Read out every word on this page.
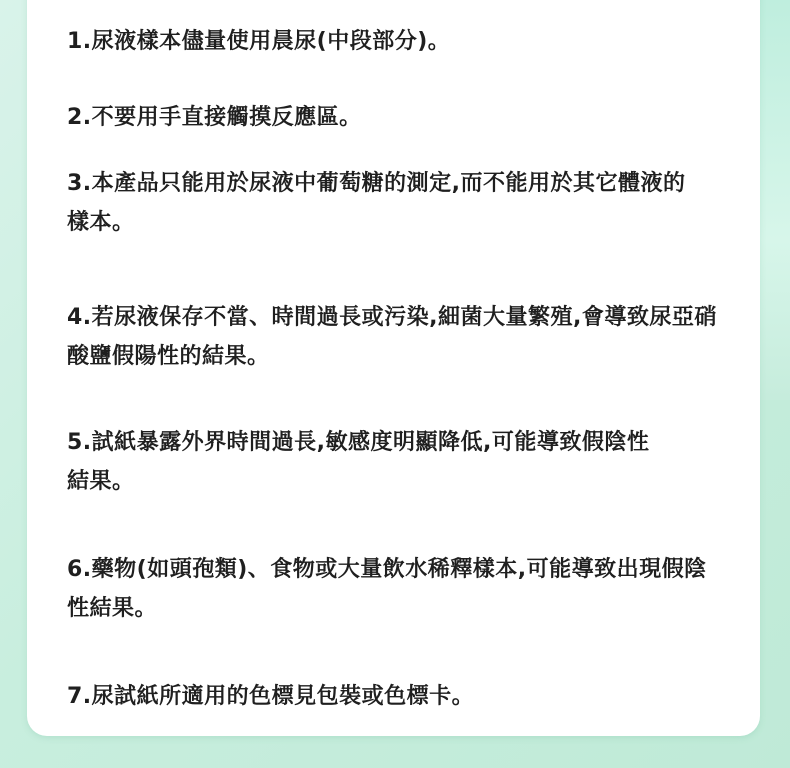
1.尿液樣本儘量使用晨尿(中段部分)。

2.不要用手直接觸摸反應區。

3.本產品只能用於尿液中葡萄糖的測定,而不能用於其它體液的樣本。

4.若尿液保存不當、時間過長或污染,細菌大量繁殖,會導致尿亞硝酸鹽假陽性的結果。

5.試紙暴露外界時間過長,敏感度明顯降低,可能導致假陰性結果。

6.藥物(如頭孢類)、食物或大量飲水稀釋樣本,可能導致出現假陰性結果。

7.尿試紙所適用的色標見包裝或色標卡。
